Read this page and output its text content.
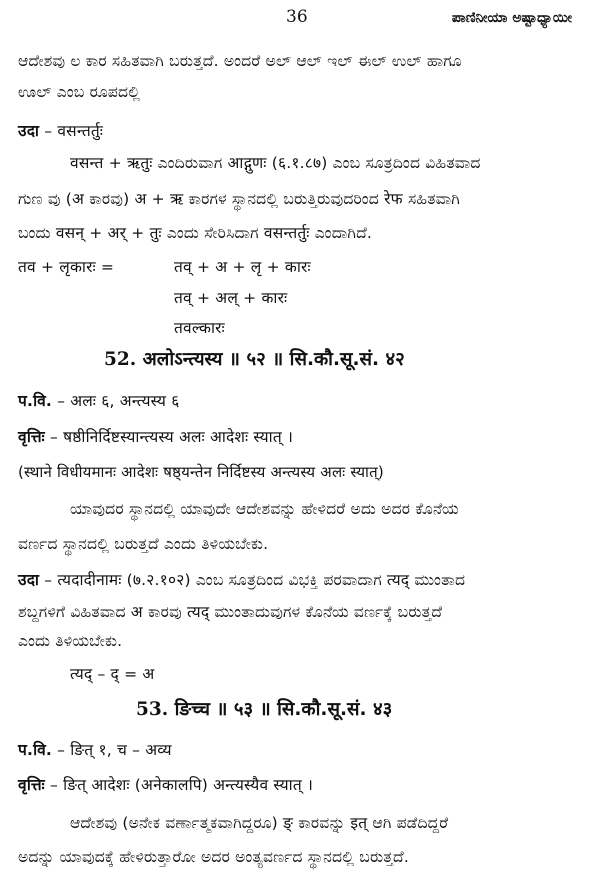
36	ಪಾಣಿನೀಯಾ ಅಷ್ಟಾಧ್ಯಾಯೀ
ಆದೇಶವು ಲ ಕಾರ ಸಹಿತವಾಗಿ ಬರುತ್ತದೆ. ಅಂದರೆ ಅಲ್ ಆಲ್ ಇಲ್ ಈಲ್ ಉಲ್ ಹಾಗೂ
ಊಲ್ ಎಂಬ ರೂಪದಲ್ಲಿ
उदा – वसन्तर्तुः
वसन्त + ऋतुः ಎಂದಿರುವಾಗ आद्गुणः (६.१.८७) ಎಂಬ ಸೂತ್ರದಿಂದ ವಿಹಿತವಾದ
ಗುಣ ವು (अ ಕಾರವು) अ + ऋ ಕಾರಗಳ ಸ್ಥಾನದಲ್ಲಿ ಬರುತ್ತಿರುವುದರಿಂದ रेफ ಸಹಿತವಾಗಿ
ಬಂದು वसन् + अर् + तुः ಎಂದು ಸೇರಿಸಿದಾಗ वसन्तर्तुः ಎಂದಾಗಿದೆ.
तव + लृकारः =	तव् + अ + लृ + कारः
तव् + अल् + कारः
तवल्कारः
52. अलोऽन्त्यस्य ॥ ५२ ॥ सि.कौ.सू.सं. ४२
प.वि. – अलः ६, अन्त्यस्य ६
वृत्तिः – षष्ठीनिर्दिष्टस्यान्त्यस्य अलः आदेशः स्यात् ।
(स्थाने विधीयमानः आदेशः षष्ठ्यन्तेन निर्दिष्टस्य अन्त्यस्य अलः स्यात्)
ಯಾವುದರ ಸ್ಥಾನದಲ್ಲಿ ಯಾವುದೇ ಆದೇಶವನ್ನು ಹೇಳಿದರೆ ಅದು ಅದರ ಕೊನೆಯ
ವರ್ಣದ ಸ್ಥಾನದಲ್ಲಿ ಬರುತ್ತದೆ ಎಂದು ತಿಳಿಯಬೇಕು.
उदा – त्यदादीनामः (७.२.१०२) ಎಂಬ ಸೂತ್ರದಿಂದ ವಿಭಕ್ತಿ ಪರವಾದಾಗ त्यद् ಮುಂತಾದ
ಶಬ್ದಗಳಿಗೆ ವಿಹಿತವಾದ अ ಕಾರವು त्यद् ಮುಂತಾದುವುಗಳ ಕೊನೆಯ ವರ್ಣಕ್ಕೆ ಬರುತ್ತದೆ
ಎಂದು ತಿಳಿಯಬೇಕು.
त्यद् – द् = अ
53. ङिच्च ॥ ५३ ॥ सि.कौ.सू.सं. ४३
प.वि. – ङित् १, च – अव्य
वृत्तिः – ङित् आदेशः (अनेकालपि) अन्त्यस्यैव स्यात् ।
ಆದೇಶವು (ಅನೇಕ ವರ್ಣಾತ್ಮಕವಾಗಿದ್ದರೂ) ङ् ಕಾರವನ್ನು इत् ಆಗಿ ಪಡೆದಿದ್ದರೆ
ಅದನ್ನು ಯಾವುದಕ್ಕೆ ಹೇಳಿರುತ್ತಾರೋ ಅದರ ಅಂತ್ಯವರ್ಣದ ಸ್ಥಾನದಲ್ಲಿ ಬರುತ್ತದೆ.
